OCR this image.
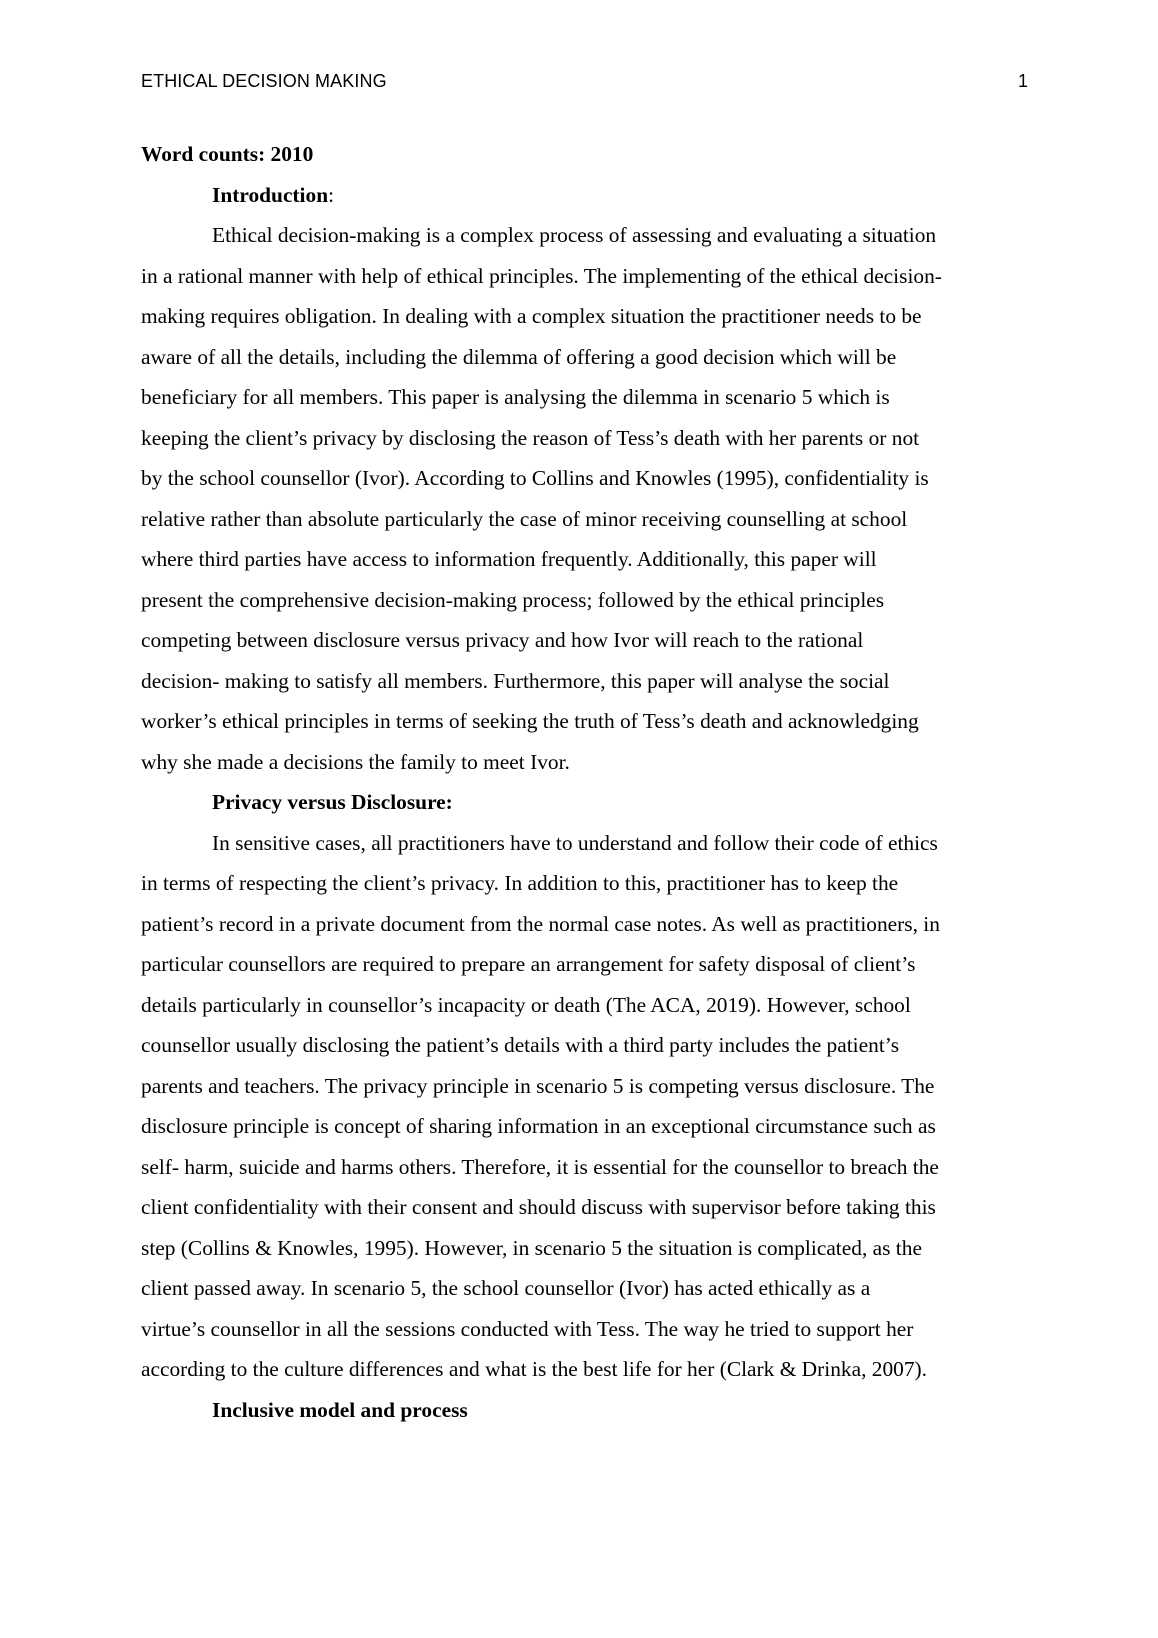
ETHICAL DECISION MAKING	1
Word counts: 2010
Introduction:
Ethical decision-making is a complex process of assessing and evaluating a situation
in a rational manner with help of ethical principles. The implementing of the ethical decision-
making requires obligation. In dealing with a complex situation the practitioner needs to be
aware of all the details, including the dilemma of offering a good decision which will be
beneficiary for all members. This paper is analysing the dilemma in scenario 5 which is
keeping the client’s privacy by disclosing the reason of Tess’s death with her parents or not
by the school counsellor (Ivor). According to Collins and Knowles (1995), confidentiality is
relative rather than absolute particularly the case of minor receiving counselling at school
where third parties have access to information frequently. Additionally, this paper will
present the comprehensive decision-making process; followed by the ethical principles
competing between disclosure versus privacy and how Ivor will reach to the rational
decision- making to satisfy all members. Furthermore, this paper will analyse the social
worker’s ethical principles in terms of seeking the truth of Tess’s death and acknowledging
why she made a decisions the family to meet Ivor.
Privacy versus Disclosure:
In sensitive cases, all practitioners have to understand and follow their code of ethics
in terms of respecting the client’s privacy. In addition to this, practitioner has to keep the
patient’s record in a private document from the normal case notes. As well as practitioners, in
particular counsellors are required to prepare an arrangement for safety disposal of client’s
details particularly in counsellor’s incapacity or death (The ACA, 2019). However, school
counsellor usually disclosing the patient’s details with a third party includes the patient’s
parents and teachers. The privacy principle in scenario 5 is competing versus disclosure. The
disclosure principle is concept of sharing information in an exceptional circumstance such as
self- harm, suicide and harms others. Therefore, it is essential for the counsellor to breach the
client confidentiality with their consent and should discuss with supervisor before taking this
step (Collins & Knowles, 1995). However, in scenario 5 the situation is complicated, as the
client passed away. In scenario 5, the school counsellor (Ivor) has acted ethically as a
virtue’s counsellor in all the sessions conducted with Tess. The way he tried to support her
according to the culture differences and what is the best life for her (Clark & Drinka, 2007).
Inclusive model and process
